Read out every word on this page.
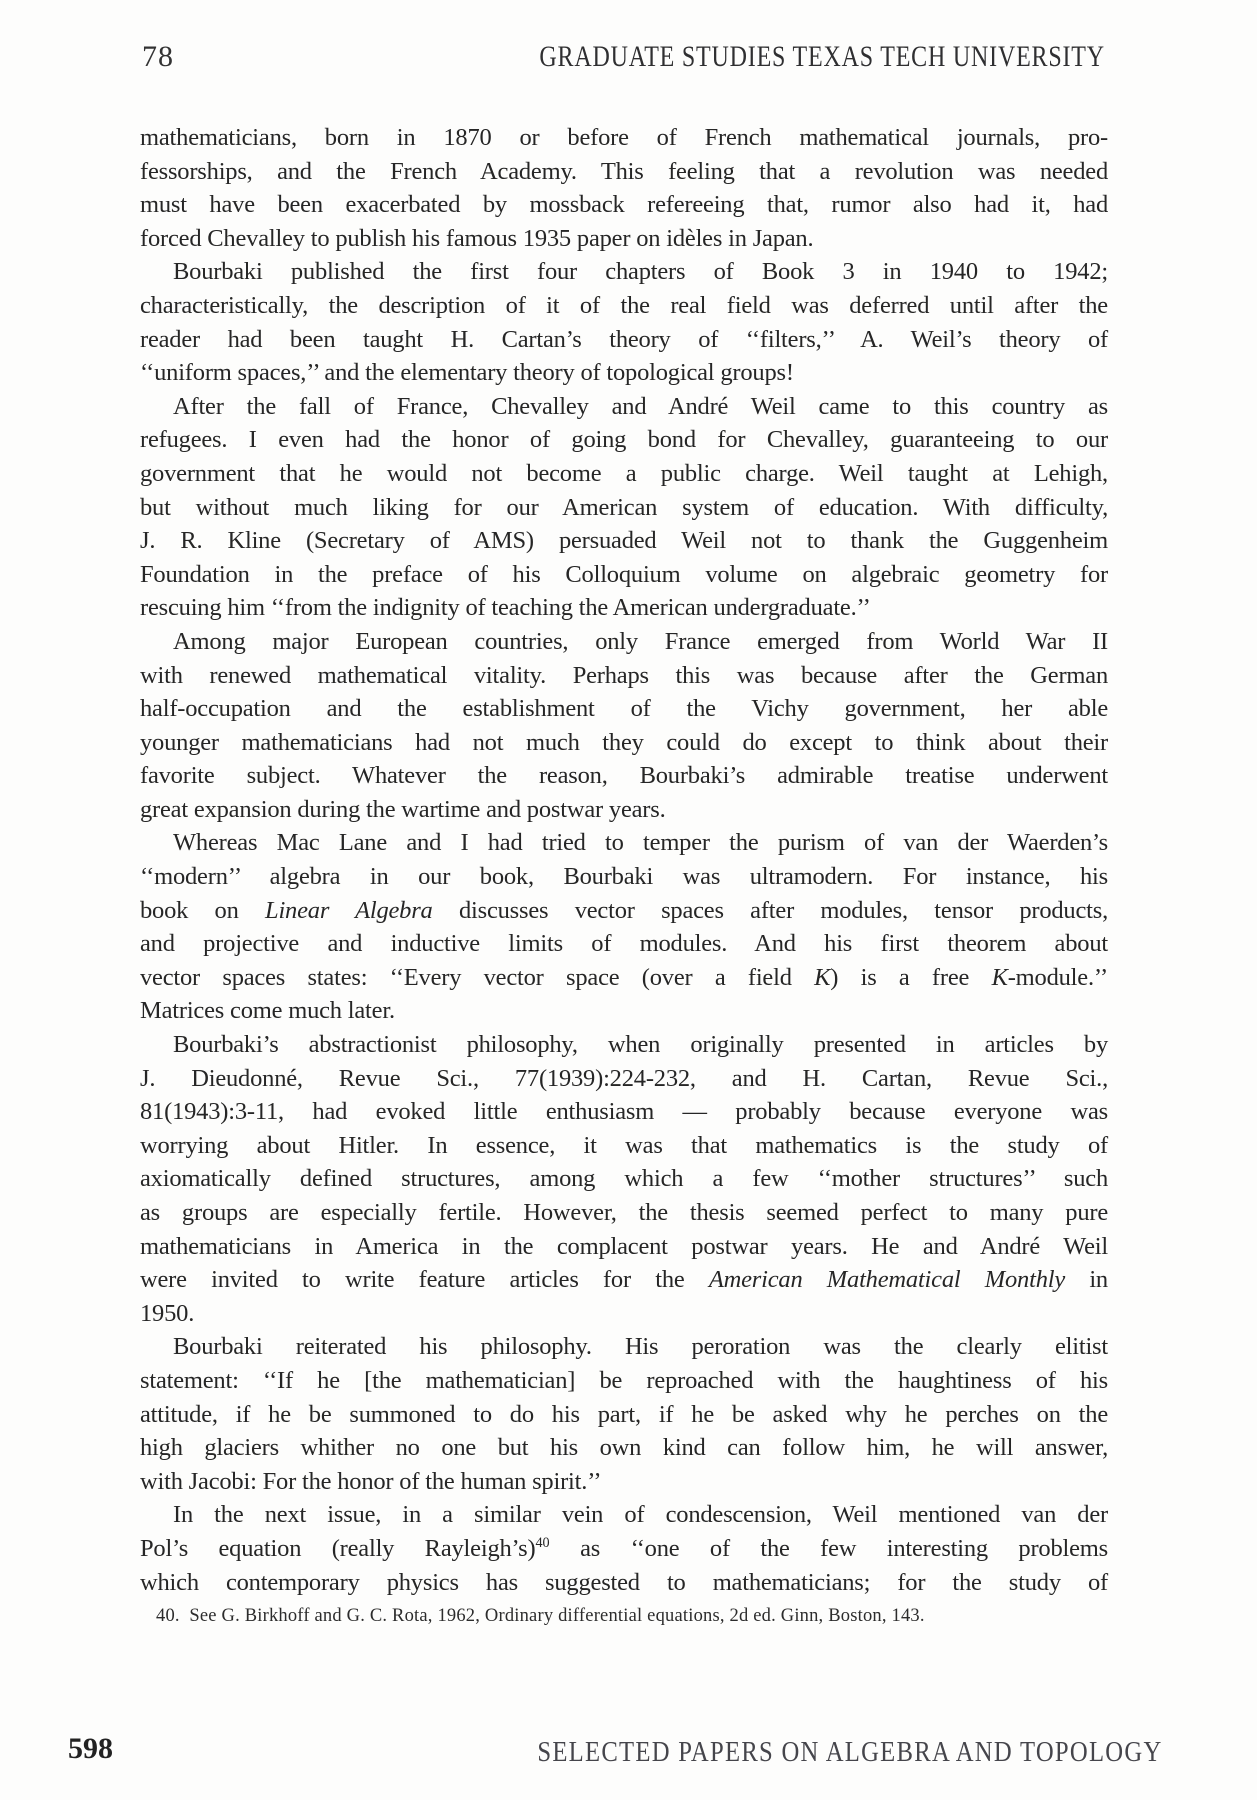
78	GRADUATE STUDIES TEXAS TECH UNIVERSITY
mathematicians, born in 1870 or before of French mathematical journals, pro-
fessorships, and the French Academy. This feeling that a revolution was needed
must have been exacerbated by mossback refereeing that, rumor also had it, had
forced Chevalley to publish his famous 1935 paper on idèles in Japan.
Bourbaki published the first four chapters of Book 3 in 1940 to 1942;
characteristically, the description of it of the real field was deferred until after the
reader had been taught H. Cartan’s theory of ‘‘filters,’’ A. Weil’s theory of
‘‘uniform spaces,’’ and the elementary theory of topological groups!
After the fall of France, Chevalley and André Weil came to this country as
refugees. I even had the honor of going bond for Chevalley, guaranteeing to our
government that he would not become a public charge. Weil taught at Lehigh,
but without much liking for our American system of education. With difficulty,
J. R. Kline (Secretary of AMS) persuaded Weil not to thank the Guggenheim
Foundation in the preface of his Colloquium volume on algebraic geometry for
rescuing him ‘‘from the indignity of teaching the American undergraduate.’’
Among major European countries, only France emerged from World War II
with renewed mathematical vitality. Perhaps this was because after the German
half-occupation and the establishment of the Vichy government, her able
younger mathematicians had not much they could do except to think about their
favorite subject. Whatever the reason, Bourbaki’s admirable treatise underwent
great expansion during the wartime and postwar years.
Whereas Mac Lane and I had tried to temper the purism of van der Waerden’s
‘‘modern’’ algebra in our book, Bourbaki was ultramodern. For instance, his
book on Linear Algebra discusses vector spaces after modules, tensor products,
and projective and inductive limits of modules. And his first theorem about
vector spaces states: ‘‘Every vector space (over a field K) is a free K-module.’’
Matrices come much later.
Bourbaki’s abstractionist philosophy, when originally presented in articles by
J. Dieudonné, Revue Sci., 77(1939):224-232, and H. Cartan, Revue Sci.,
81(1943):3-11, had evoked little enthusiasm — probably because everyone was
worrying about Hitler. In essence, it was that mathematics is the study of
axiomatically defined structures, among which a few ‘‘mother structures’’ such
as groups are especially fertile. However, the thesis seemed perfect to many pure
mathematicians in America in the complacent postwar years. He and André Weil
were invited to write feature articles for the American Mathematical Monthly in
1950.
Bourbaki reiterated his philosophy. His peroration was the clearly elitist
statement: ‘‘If he [the mathematician] be reproached with the haughtiness of his
attitude, if he be summoned to do his part, if he be asked why he perches on the
high glaciers whither no one but his own kind can follow him, he will answer,
with Jacobi: For the honor of the human spirit.’’
In the next issue, in a similar vein of condescension, Weil mentioned van der
Pol’s equation (really Rayleigh’s)$^{40}$ as ‘‘one of the few interesting problems
which contemporary physics has suggested to mathematicians; for the study of
40.  See G. Birkhoff and G. C. Rota, 1962, Ordinary differential equations, 2d ed. Ginn, Boston, 143.
598	SELECTED PAPERS ON ALGEBRA AND TOPOLOGY
